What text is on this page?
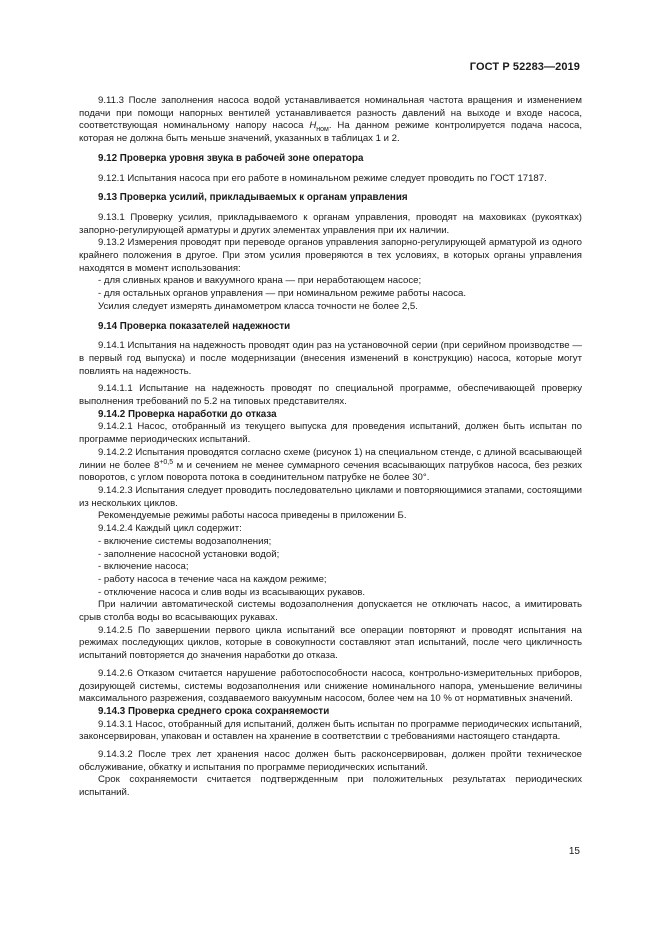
ГОСТ Р 52283—2019

9.11.3 После заполнения насоса водой устанавливается номинальная частота вращения и изменением подачи при помощи напорных вентилей устанавливается разность давлений на выходе и входе насоса, соответствующая номинальному напору насоса $H_{ном}$. На данном режиме контролируется подача насоса, которая не должна быть меньше значений, указанных в таблицах 1 и 2.

9.12 Проверка уровня звука в рабочей зоне оператора

9.12.1 Испытания насоса при его работе в номинальном режиме следует проводить по ГОСТ 17187.

9.13 Проверка усилий, прикладываемых к органам управления

9.13.1 Проверку усилия, прикладываемого к органам управления, проводят на маховиках (рукоятках) запорно-регулирующей арматуры и других элементах управления при их наличии.

9.13.2 Измерения проводят при переводе органов управления запорно-регулирующей арматурой из одного крайнего положения в другое. При этом усилия проверяются в тех условиях, в которых органы управления находятся в момент использования:

- для сливных кранов и вакуумного крана — при неработающем насосе;

- для остальных органов управления — при номинальном режиме работы насоса.

Усилия следует измерять динамометром класса точности не более 2,5.

9.14 Проверка показателей надежности

9.14.1 Испытания на надежность проводят один раз на установочной серии (при серийном производстве — в первый год выпуска) и после модернизации (внесения изменений в конструкцию) насоса, которые могут повлиять на надежность.

9.14.1.1 Испытание на надежность проводят по специальной программе, обеспечивающей проверку выполнения требований по 5.2 на типовых представителях.

9.14.2 Проверка наработки до отказа

9.14.2.1 Насос, отобранный из текущего выпуска для проведения испытаний, должен быть испытан по программе периодических испытаний.

9.14.2.2 Испытания проводятся согласно схеме (рисунок 1) на специальном стенде, с длиной всасывающей линии не более $8^{+0,5}$ м и сечением не менее суммарного сечения всасывающих патрубков насоса, без резких поворотов, с углом поворота потока в соединительном патрубке не более 30°.

9.14.2.3 Испытания следует проводить последовательно циклами и повторяющимися этапами, состоящими из нескольких циклов.

Рекомендуемые режимы работы насоса приведены в приложении Б.

9.14.2.4 Каждый цикл содержит:

- включение системы водозаполнения;

- заполнение насосной установки водой;

- включение насоса;

- работу насоса в течение часа на каждом режиме;

- отключение насоса и слив воды из всасывающих рукавов.

При наличии автоматической системы водозаполнения допускается не отключать насос, а имитировать срыв столба воды во всасывающих рукавах.

9.14.2.5 По завершении первого цикла испытаний все операции повторяют и проводят испытания на режимах последующих циклов, которые в совокупности составляют этап испытаний, после чего цикличность испытаний повторяется до значения наработки до отказа.

9.14.2.6 Отказом считается нарушение работоспособности насоса, контрольно-измерительных приборов, дозирующей системы, системы водозаполнения или снижение номинального напора, уменьшение величины максимального разрежения, создаваемого вакуумным насосом, более чем на 10 % от нормативных значений.

9.14.3 Проверка среднего срока сохраняемости

9.14.3.1 Насос, отобранный для испытаний, должен быть испытан по программе периодических испытаний, законсервирован, упакован и оставлен на хранение в соответствии с требованиями настоящего стандарта.

9.14.3.2 После трех лет хранения насос должен быть расконсервирован, должен пройти техническое обслуживание, обкатку и испытания по программе периодических испытаний.

Срок сохраняемости считается подтвержденным при положительных результатах периодических испытаний.

15
